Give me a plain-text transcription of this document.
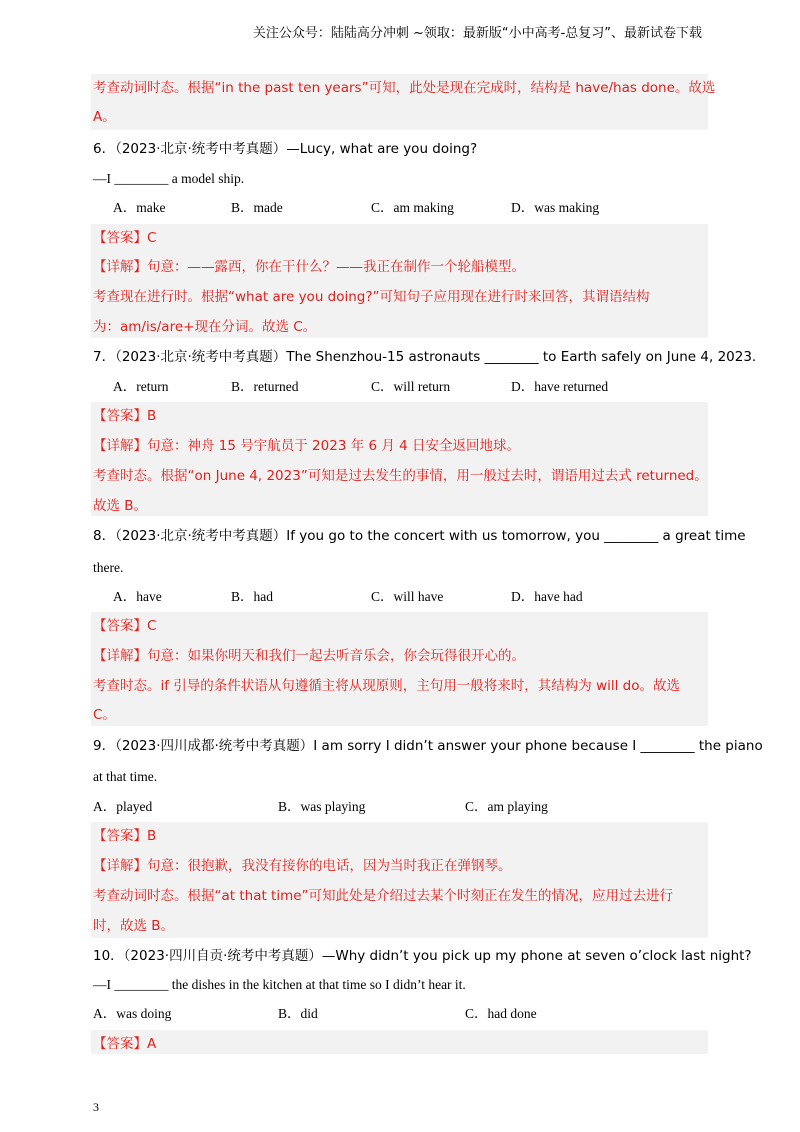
关注公众号：陆陆高分冲刺 ~领取：最新版“小中高考-总复习”、最新试卷下载
考查动词时态。根据“in the past ten years”可知，此处是现在完成时，结构是 have/has done。故选
A。
6．（2023·北京·统考中考真题）—Lucy, what are you doing?
—I ________ a model ship.
A．make	B．made	C．am making	D．was making
【答案】C
【详解】句意：——露西，你在干什么？——我正在制作一个轮船模型。
考查现在进行时。根据“what are you doing?”可知句子应用现在进行时来回答，其谓语结构
为：am/is/are+现在分词。故选 C。
7．（2023·北京·统考中考真题）The Shenzhou-15 astronauts ________ to Earth safely on June 4, 2023.
A．return	B．returned	C．will return	D．have returned
【答案】B
【详解】句意：神舟 15 号宇航员于 2023 年 6 月 4 日安全返回地球。
考查时态。根据“on June 4, 2023”可知是过去发生的事情，用一般过去时，谓语用过去式 returned。
故选 B。
8．（2023·北京·统考中考真题）If you go to the concert with us tomorrow, you ________ a great time
there.
A．have	B．had	C．will have	D．have had
【答案】C
【详解】句意：如果你明天和我们一起去听音乐会，你会玩得很开心的。
考查时态。if 引导的条件状语从句遵循主将从现原则，主句用一般将来时，其结构为 will do。故选
C。
9．（2023·四川成都·统考中考真题）I am sorry I didn’t answer your phone because I ________ the piano
at that time.
A．played	B．was playing	C．am playing
【答案】B
【详解】句意：很抱歉，我没有接你的电话，因为当时我正在弹钢琴。
考查动词时态。根据“at that time”可知此处是介绍过去某个时刻正在发生的情况，应用过去进行
时，故选 B。
10．（2023·四川自贡·统考中考真题）—Why didn’t you pick up my phone at seven o’clock last night?
—I ________ the dishes in the kitchen at that time so I didn’t hear it.
A．was doing	B．did	C．had done
【答案】A
3
